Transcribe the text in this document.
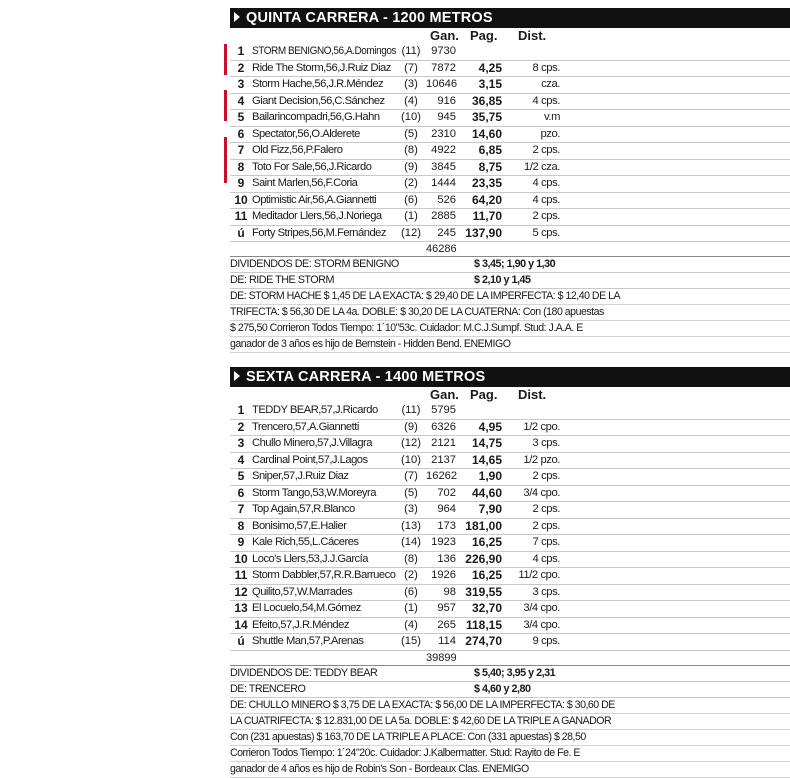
QUINTA CARRERA - 1200 METROS
Gan. Pag. Dist.
1 STORM BENIGNO,56,A.Domingos (11) 9730
2 Ride The Storm,56,J.Ruiz Diaz	(7)	7872	4,25	8 cps.
3 Storm Hache,56,J.R.Méndez	(3) 10646	3,15	cza.
4 Giant Decision,56,C.Sánchez	(4)	916	36,85	4 cps.
5 Bailarincompadri,56,G.Hahn (10)	945	35,75	v.m
6 Spectator,56,O.Alderete	(5)	2310	14,60	pzo.
7 Old Fizz,56,P.Falero	(8)	4922	6,85	2 cps.
8 Toto For Sale,56,J.Ricardo	(9)	3845	8,75	1/2 cza.
9 Saint Marlen,56,F.Coria	(2)	1444	23,35	4 cps.
10 Optimistic Air,56,A.Giannetti	(6)	526	64,20	4 cps.
11 Meditador Llers,56,J.Noriega	(1)	2885	11,70	2 cps.
ú Forty Stripes,56,M.Fernández (12)	245 137,90	5 cps.
46286
DIVIDENDOS DE: STORM BENIGNO	$ 3,45; 1,90 y 1,30
DE: RIDE THE STORM	$ 2,10 y 1,45
DE: STORM HACHE $ 1,45 DE LA EXACTA: $ 29,40 DE LA IMPERFECTA: $ 12,40 DE LA
TRIFECTA: $ 56,30 DE LA 4a. DOBLE: $ 30,20 DE LA CUATERNA: Con (180 apuestas
$ 275,50 Corrieron Todos Tiempo: 1´10"53c. Cuidador: M.C.J.Sumpf. Stud: J.A.A. E
ganador de 3 años es hijo de Bernstein - Hidden Bend. ENEMIGO
SEXTA CARRERA - 1400 METROS
Gan. Pag. Dist.
1 TEDDY BEAR,57,J.Ricardo	(11) 5795
2 Trencero,57,A.Giannetti	(9)	6326	4,95	1/2 cpo.
3 Chullo Minero,57,J.Villagra	(12) 2121	14,75	3 cps.
4 Cardinal Point,57,J.Lagos	(10) 2137	14,65	1/2 pzo.
5 Sniper,57,J.Ruiz Diaz	(7) 16262	1,90	2 cps.
6 Storm Tango,53,W.Moreyra	(5)	702	44,60	3/4 cpo.
7 Top Again,57,R.Blanco	(3)	964	7,90	2 cps.
8 Bonisimo,57,E.Halier	(13)	173 181,00	2 cps.
9 Kale Rich,55,L.Cáceres	(14) 1923	16,25	7 cps.
10 Loco's Llers,53,J.J.García	(8)	136 226,90	4 cps.
11 Storm Dabbler,57,R.R.Barrueco (2)	1926	16,25	11/2 cpo.
12 Quilito,57,W.Marrades	(6)	98 319,55	3 cps.
13 El Locuelo,54,M.Gómez	(1)	957	32,70	3/4 cpo.
14 Efeito,57,J.R.Méndez	(4)	265 118,15	3/4 cpo.
ú Shuttle Man,57,P.Arenas	(15)	114 274,70	9 cps.
39899
DIVIDENDOS DE: TEDDY BEAR	$ 5,40; 3,95 y 2,31
DE: TRENCERO	$ 4,60 y 2,80
DE: CHULLO MINERO $ 3,75 DE LA EXACTA: $ 56,00 DE LA IMPERFECTA: $ 30,60 DE
LA CUATRIFECTA: $ 12.831,00 DE LA 5a. DOBLE: $ 42,60 DE LA TRIPLE A GANADOR
Con (231 apuestas) $ 163,70 DE LA TRIPLE A PLACE: Con (331 apuestas) $ 28,50
Corrieron Todos Tiempo: 1´24"20c. Cuidador: J.Kalbermatter. Stud: Rayito de Fe. E
ganador de 4 años es hijo de Robin's Son - Bordeaux Clas. ENEMIGO
